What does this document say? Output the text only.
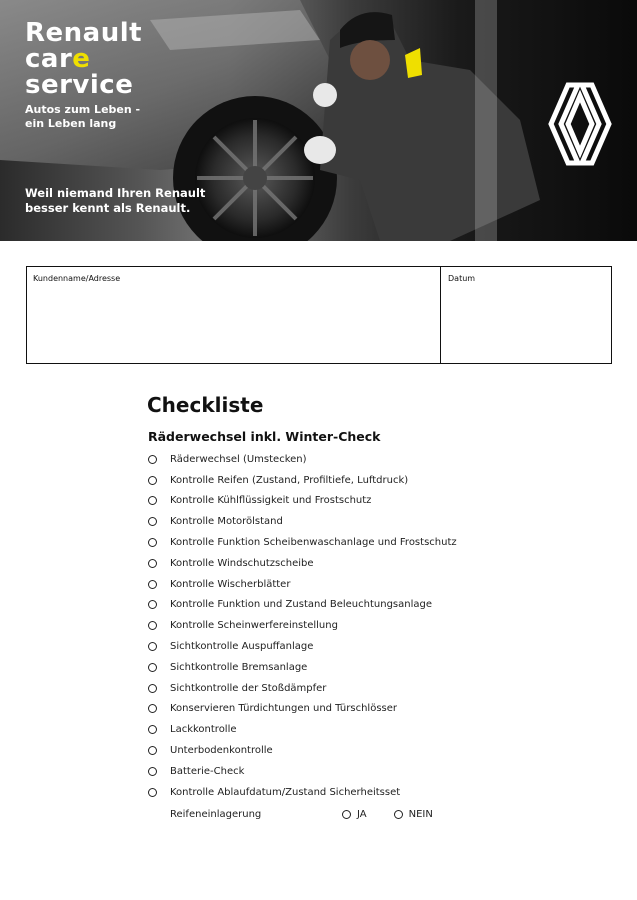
Renault
care
service
Autos zum Leben -
ein Leben lang
Weil niemand Ihren Renault
besser kennt als Renault.
Kundenname/Adresse	Datum
Checkliste
Räderwechsel inkl. Winter-Check
Räderwechsel (Umstecken)
Kontrolle Reifen (Zustand, Profiltiefe, Luftdruck)
Kontrolle Kühlflüssigkeit und Frostschutz
Kontrolle Motorölstand
Kontrolle Funktion Scheibenwaschanlage und Frostschutz
Kontrolle Windschutzscheibe
Kontrolle Wischerblätter
Kontrolle Funktion und Zustand Beleuchtungsanlage
Kontrolle Scheinwerfereinstellung
Sichtkontrolle Auspuffanlage
Sichtkontrolle Bremsanlage
Sichtkontrolle der Stoßdämpfer
Konservieren Türdichtungen und Türschlösser
Lackkontrolle
Unterbodenkontrolle
Batterie-Check
Kontrolle Ablaufdatum/Zustand Sicherheitsset
Reifeneinlagerung	JA	NEIN
